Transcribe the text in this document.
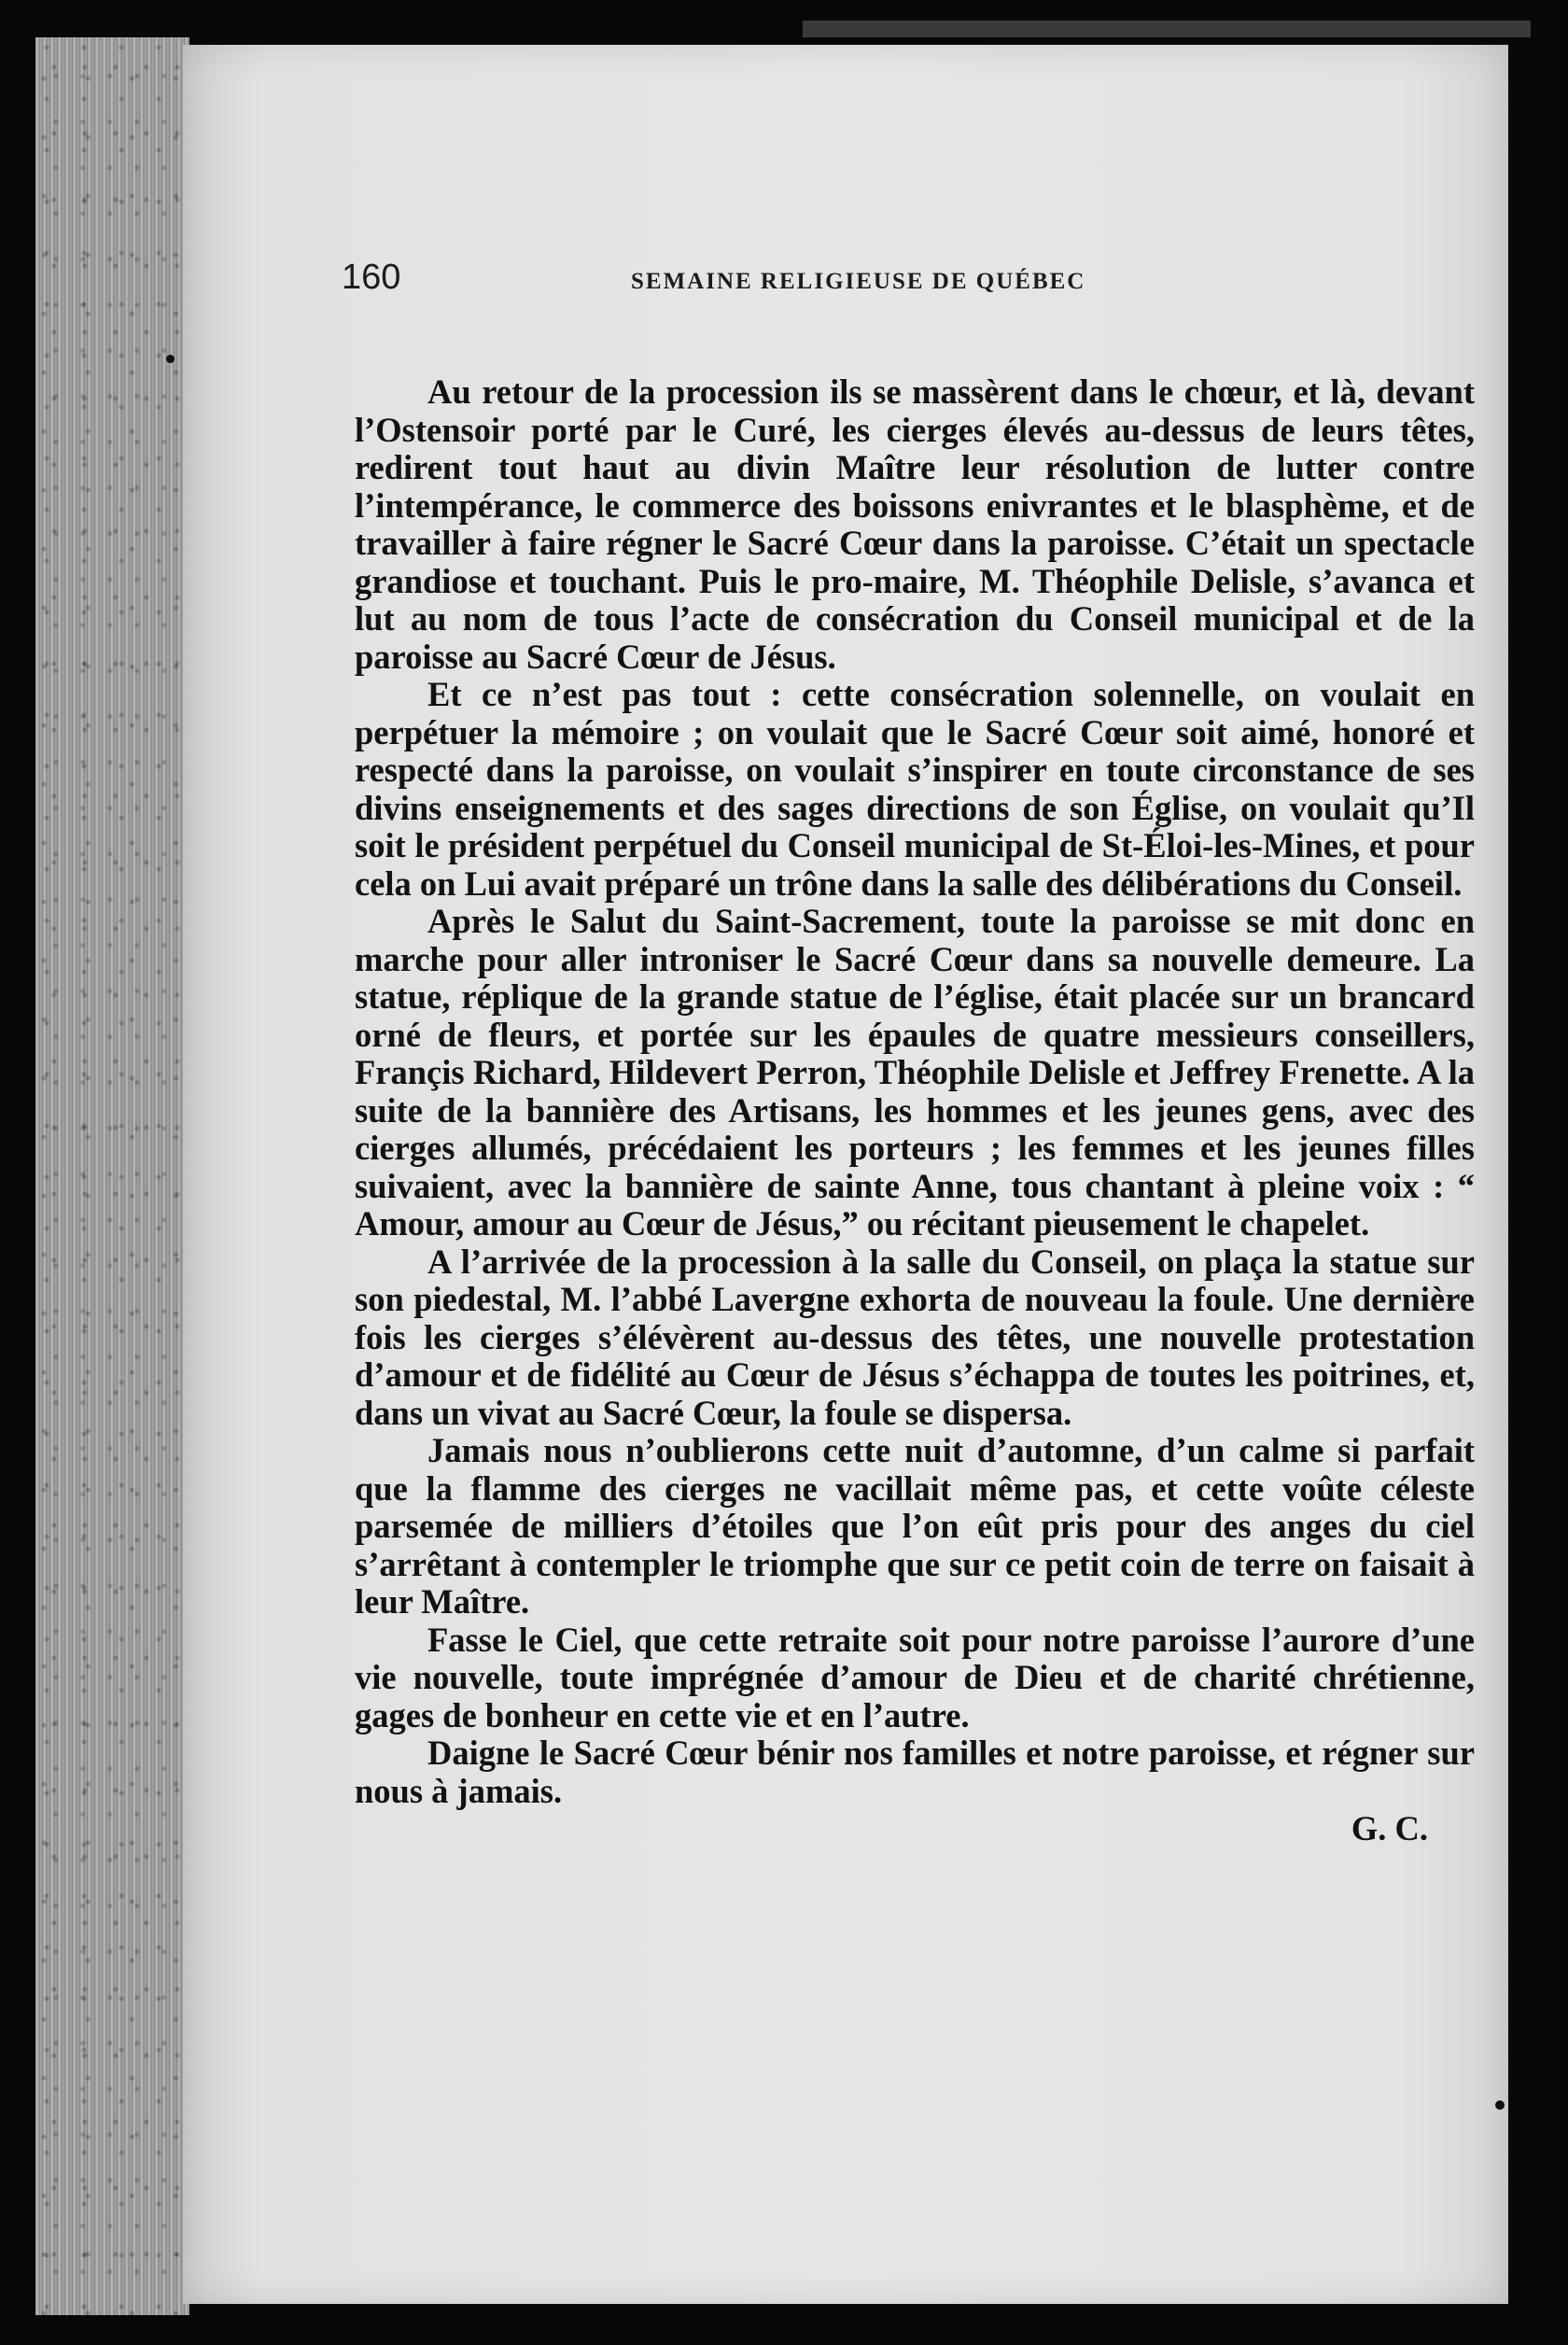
160	SEMAINE RELIGIEUSE DE QUÉBEC

Au retour de la procession ils se massèrent dans le chœur, et là, devant l’Ostensoir porté par le Curé, les cierges élevés au-dessus de leurs têtes, redirent tout haut au divin Maître leur résolution de lutter contre l’intempérance, le commerce des boissons enivrantes et le blasphème, et de travailler à faire régner le Sacré Cœur dans la paroisse. C’était un spectacle grandiose et touchant. Puis le pro-maire, M. Théophile Delisle, s’avanca et lut au nom de tous l’acte de consécration du Conseil municipal et de la paroisse au Sacré Cœur de Jésus.

Et ce n’est pas tout : cette consécration solennelle, on voulait en perpétuer la mémoire ; on voulait que le Sacré Cœur soit aimé, honoré et respecté dans la paroisse, on voulait s’inspirer en toute circonstance de ses divins enseignements et des sages directions de son Église, on voulait qu’Il soit le président perpétuel du Conseil municipal de St-Éloi-les-Mines, et pour cela on Lui avait préparé un trône dans la salle des délibérations du Conseil.

Après le Salut du Saint-Sacrement, toute la paroisse se mit donc en marche pour aller introniser le Sacré Cœur dans sa nouvelle demeure. La statue, réplique de la grande statue de l’église, était placée sur un brancard orné de fleurs, et portée sur les épaules de quatre messieurs conseillers, Françis Richard, Hildevert Perron, Théophile Delisle et Jeffrey Frenette. A la suite de la bannière des Artisans, les hommes et les jeunes gens, avec des cierges allumés, précédaient les porteurs ; les femmes et les jeunes filles suivaient, avec la bannière de sainte Anne, tous chantant à pleine voix : “ Amour, amour au Cœur de Jésus,” ou récitant pieusement le chapelet.

A l’arrivée de la procession à la salle du Conseil, on plaça la statue sur son piedestal, M. l’abbé Lavergne exhorta de nouveau la foule. Une dernière fois les cierges s’élévèrent au-dessus des têtes, une nouvelle protestation d’amour et de fidélité au Cœur de Jésus s’échappa de toutes les poitrines, et, dans un vivat au Sacré Cœur, la foule se dispersa.

Jamais nous n’oublierons cette nuit d’automne, d’un calme si parfait que la flamme des cierges ne vacillait même pas, et cette voûte céleste parsemée de milliers d’étoiles que l’on eût pris pour des anges du ciel s’arrêtant à contempler le triomphe que sur ce petit coin de terre on faisait à leur Maître.

Fasse le Ciel, que cette retraite soit pour notre paroisse l’aurore d’une vie nouvelle, toute imprégnée d’amour de Dieu et de charité chrétienne, gages de bonheur en cette vie et en l’autre.

Daigne le Sacré Cœur bénir nos familles et notre paroisse, et régner sur nous à jamais.

G. C.
